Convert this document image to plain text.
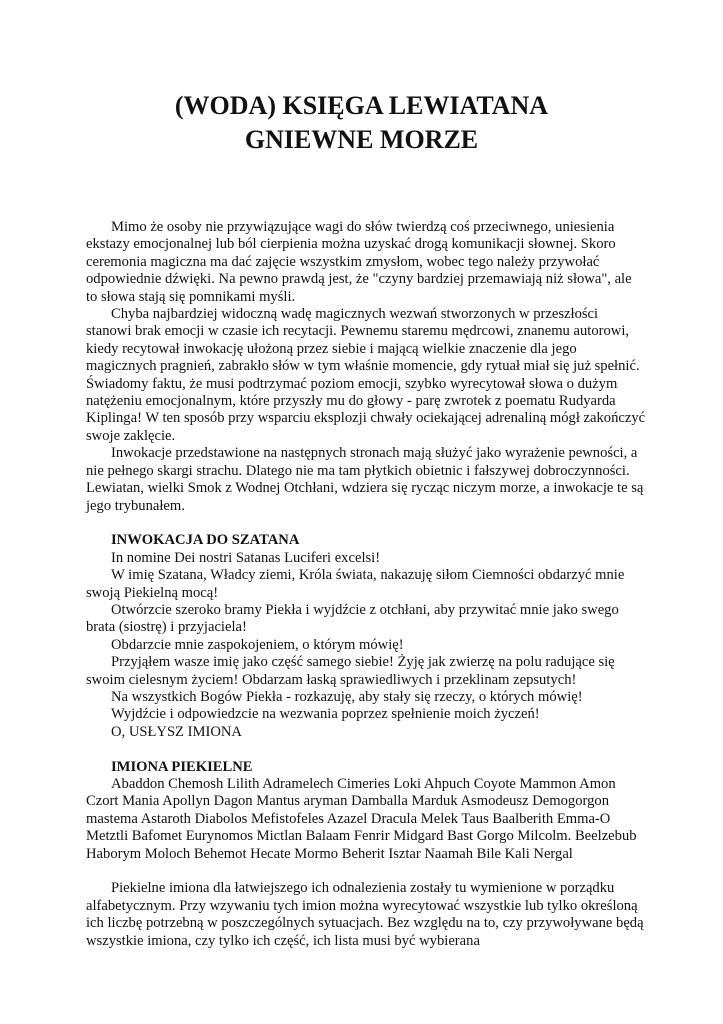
(WODA) KSIĘGA LEWIATANA
GNIEWNE MORZE

Mimo że osoby nie przywiązujące wagi do słów twierdzą coś przeciwnego, uniesienia ekstazy emocjonalnej lub ból cierpienia można uzyskać drogą komunikacji słownej. Skoro ceremonia magiczna ma dać zajęcie wszystkim zmysłom, wobec tego należy przywołać odpowiednie dźwięki. Na pewno prawdą jest, że "czyny bardziej przemawiają niż słowa", ale to słowa stają się pomnikami myśli.

Chyba najbardziej widoczną wadę magicznych wezwań stworzonych w przeszłości stanowi brak emocji w czasie ich recytacji. Pewnemu staremu mędrcowi, znanemu autorowi, kiedy recytował inwokację ułożoną przez siebie i mającą wielkie znaczenie dla jego magicznych pragnień, zabrakło słów w tym właśnie momencie, gdy rytuał miał się już spełnić. Świadomy faktu, że musi podtrzymać poziom emocji, szybko wyrecytował słowa o dużym natężeniu emocjonalnym, które przyszły mu do głowy - parę zwrotek z poematu Rudyarda Kiplinga! W ten sposób przy wsparciu eksplozji chwały ociekającej adrenaliną mógł zakończyć swoje zaklęcie.

Inwokacje przedstawione na następnych stronach mają służyć jako wyrażenie pewności, a nie pełnego skargi strachu. Dlatego nie ma tam płytkich obietnic i fałszywej dobroczynności. Lewiatan, wielki Smok z Wodnej Otchłani, wdziera się rycząc niczym morze, a inwokacje te są jego trybunałem.

INWOKACJA DO SZATANA

In nomine Dei nostri Satanas Luciferi excelsi!

W imię Szatana, Władcy ziemi, Króla świata, nakazuję siłom Ciemności obdarzyć mnie swoją Piekielną mocą!

Otwórzcie szeroko bramy Piekła i wyjdźcie z otchłani, aby przywitać mnie jako swego brata (siostrę) i przyjaciela!

Obdarzcie mnie zaspokojeniem, o którym mówię!

Przyjąłem wasze imię jako część samego siebie! Żyję jak zwierzę na polu radujące się swoim cielesnym życiem! Obdarzam łaską sprawiedliwych i przeklinam zepsutych!

Na wszystkich Bogów Piekła - rozkazuję, aby stały się rzeczy, o których mówię!

Wyjdźcie i odpowiedzcie na wezwania poprzez spełnienie moich życzeń!

O, USŁYSZ IMIONA

IMIONA PIEKIELNE

Abaddon Chemosh Lilith Adramelech Cimeries Loki Ahpuch Coyote Mammon Amon Czort Mania Apollyn Dagon Mantus aryman Damballa Marduk Asmodeusz Demogorgon mastema Astaroth Diabolos Mefistofeles Azazel Dracula Melek Taus Baalberith Emma-O Metztli Bafomet Eurynomos Mictlan Balaam Fenrir Midgard Bast Gorgo Milcolm. Beelzebub Haborym Moloch Behemot Hecate Mormo Beherit Isztar Naamah Bile Kali Nergal

Piekielne imiona dla łatwiejszego ich odnalezienia zostały tu wymienione w porządku alfabetycznym. Przy wzywaniu tych imion można wyrecytować wszystkie lub tylko określoną ich liczbę potrzebną w poszczególnych sytuacjach. Bez względu na to, czy przywoływane będą wszystkie imiona, czy tylko ich część, ich lista musi być wybierana
